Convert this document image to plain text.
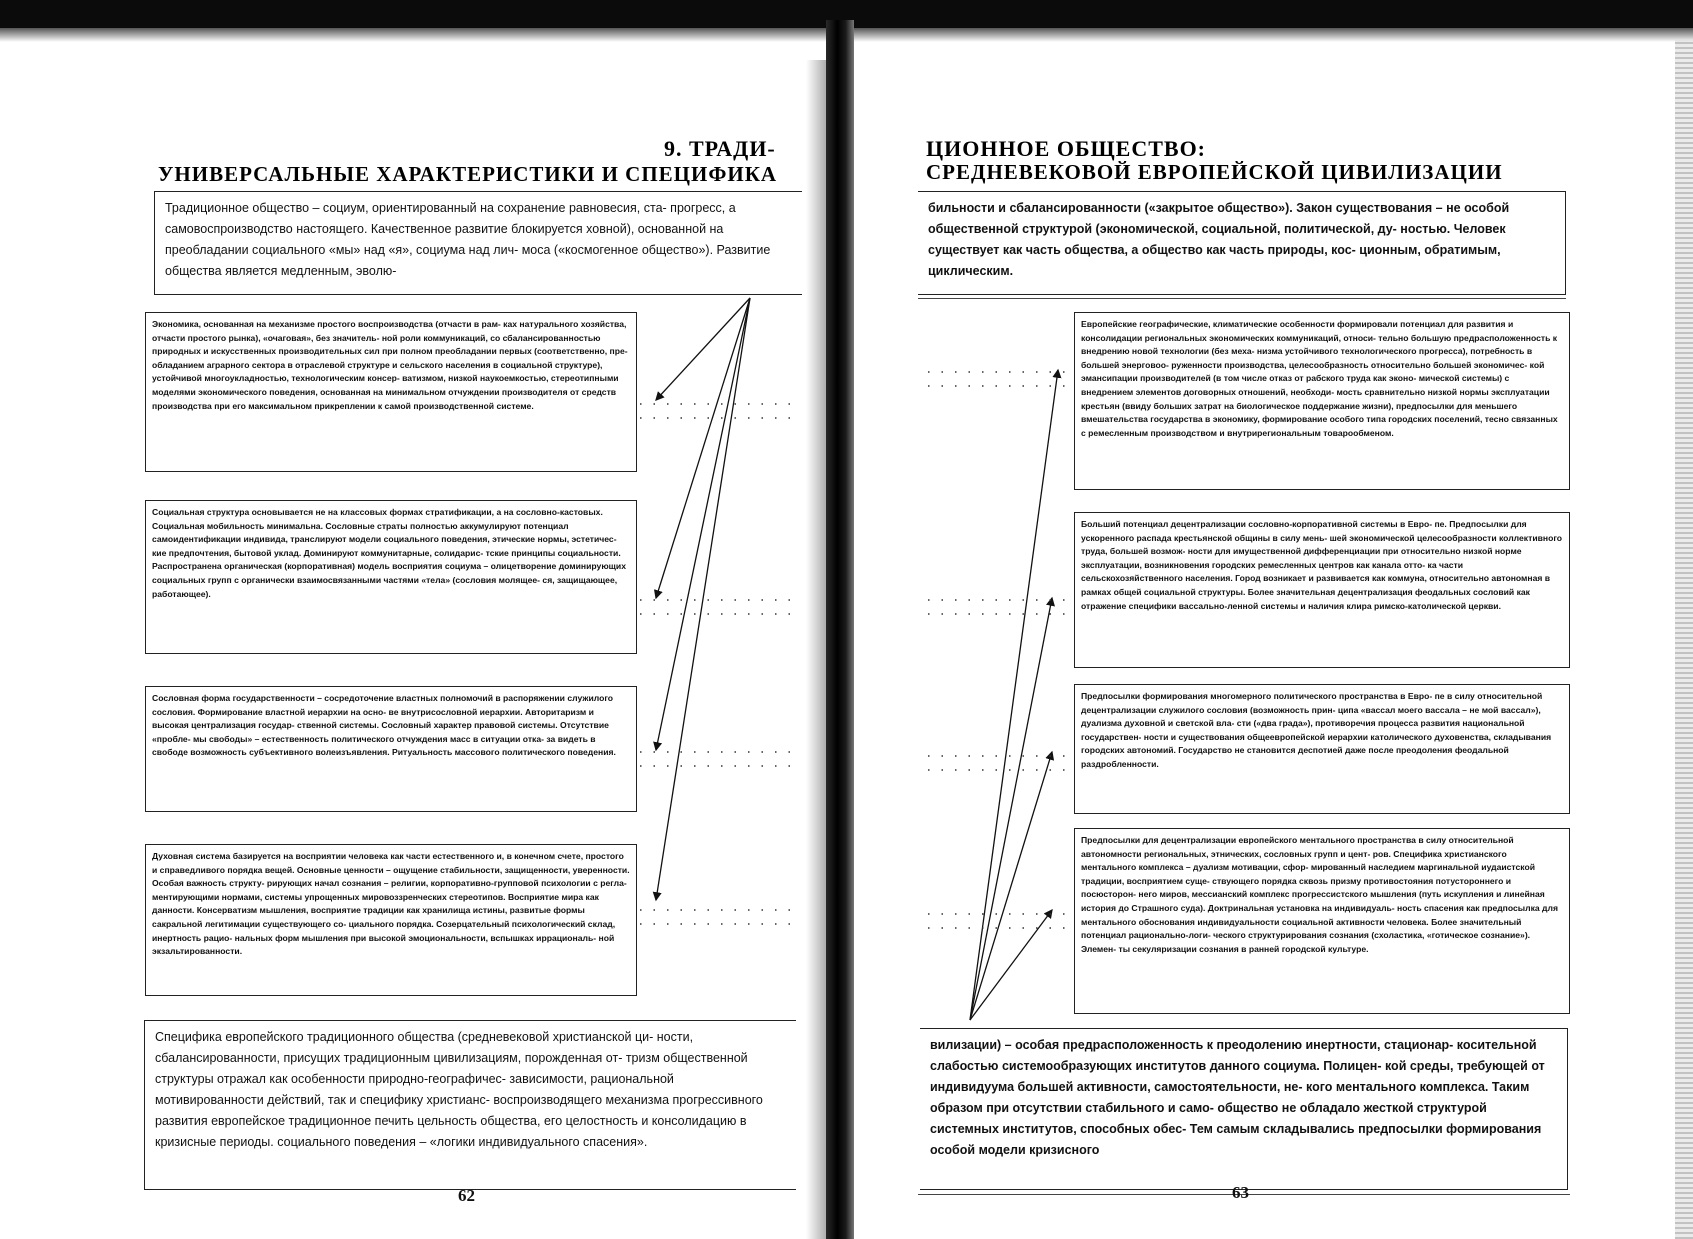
9. ТРАДИ-
УНИВЕРСАЛЬНЫЕ ХАРАКТЕРИСТИКИ И СПЕЦИФИКА

Традиционное общество – социум, ориентированный на сохранение равновесия, ста- прогресс, а самовоспроизводство настоящего. Качественное развитие блокируется ховной), основанной на преобладании социального «мы» над «я», социума над лич- моса («космогенное общество»). Развитие общества является медленным, эволю-

Экономика, основанная на механизме простого воспроизводства (отчасти в рам- ках натурального хозяйства, отчасти простого рынка), «очаговая», без значитель- ной роли коммуникаций, со сбалансированностью природных и искусственных производительных сил при полном преобладании первых (соответственно, пре- обладанием аграрного сектора в отраслевой структуре и сельского населения в социальной структуре), устойчивой многоукладностью, технологическим консер- ватизмом, низкой наукоемкостью, стереотипными моделями экономического поведения, основанная на минимальном отчуждении производителя от средств производства при его максимальном прикреплении к самой производственной системе.

Социальная структура основывается не на классовых формах стратификации, а на сословно-кастовых. Социальная мобильность минимальна. Сословные страты полностью аккумулируют потенциал самоидентификации индивида, транслируют модели социального поведения, этические нормы, эстетичес- кие предпочтения, бытовой уклад. Доминируют коммунитарные, солидарис- тские принципы социальности. Распространена органическая (корпоративная) модель восприятия социума – олицетворение доминирующих социальных групп с органически взаимосвязанными частями «тела» (сословия молящее- ся, защищающее, работающее).

Сословная форма государственности – сосредоточение властных полномочий в распоряжении служилого сословия. Формирование властной иерархии на осно- ве внутрисословной иерархии. Авторитаризм и высокая централизация государ- ственной системы. Сословный характер правовой системы. Отсутствие «пробле- мы свободы» – естественность политического отчуждения масс в ситуации отка- за видеть в свободе возможность субъективного волеизъявления. Ритуальность массового политического поведения.

Духовная система базируется на восприятии человека как части естественного и, в конечном счете, простого и справедливого порядка вещей. Основные ценности – ощущение стабильности, защищенности, уверенности. Особая важность структу- рирующих начал сознания – религии, корпоративно-групповой психологии с регла- ментирующими нормами, системы упрощенных мировоззренческих стереотипов. Восприятие мира как данности. Консерватизм мышления, восприятие традиции как хранилища истины, развитые формы сакральной легитимации существующего со- циального порядка. Созерцательный психологический склад, инертность рацио- нальных форм мышления при высокой эмоциональности, вспышках иррациональ- ной экзальтированности.

Специфика европейского традиционного общества (средневековой христианской ци- ности, сбалансированности, присущих традиционным цивилизациям, порожденная от- тризм общественной структуры отражал как особенности природно-географичес- зависимости, рациональной мотивированности действий, так и специфику христианс- воспроизводящего механизма прогрессивного развития европейское традиционное печить цельность общества, его целостность и консолидацию в кризисные периоды. социального поведения – «логики индивидуального спасения».

62
ЦИОННОЕ ОБЩЕСТВО:
СРЕДНЕВЕКОВОЙ ЕВРОПЕЙСКОЙ ЦИВИЛИЗАЦИИ

бильности и сбалансированности («закрытое общество»). Закон существования – не особой общественной структурой (экономической, социальной, политической, ду- ностью. Человек существует как часть общества, а общество как часть природы, кос- ционным, обратимым, циклическим.

Европейские географические, климатические особенности формировали потенциал для развития и консолидации региональных экономических коммуникаций, относи- тельно большую предрасположенность к внедрению новой технологии (без меха- низма устойчивого технологического прогресса), потребность в большей энерговоо- руженности производства, целесообразность относительно большей экономичес- кой эмансипации производителей (в том числе отказ от рабского труда как эконо- мической системы) с внедрением элементов договорных отношений, необходи- мость сравнительно низкой нормы эксплуатации крестьян (ввиду больших затрат на биологическое поддержание жизни), предпосылки для меньшего вмешательства государства в экономику, формирование особого типа городских поселений, тесно связанных с ремесленным производством и внутрирегиональным товарообменом.

Больший потенциал децентрализации сословно-корпоративной системы в Евро- пе. Предпосылки для ускоренного распада крестьянской общины в силу мень- шей экономической целесообразности коллективного труда, большей возмож- ности для имущественной дифференциации при относительно низкой норме эксплуатации, возникновения городских ремесленных центров как канала отто- ка части сельскохозяйственного населения. Город возникает и развивается как коммуна, относительно автономная в рамках общей социальной структуры. Более значительная децентрализация феодальных сословий как отражение специфики вассально-ленной системы и наличия клира римско-католической церкви.

Предпосылки формирования многомерного политического пространства в Евро- пе в силу относительной децентрализации служилого сословия (возможность прин- ципа «вассал моего вассала – не мой вассал»), дуализма духовной и светской вла- сти («два града»), противоречия процесса развития национальной государствен- ности и существования общеевропейской иерархии католического духовенства, складывания городских автономий. Государство не становится деспотией даже после преодоления феодальной раздробленности.

Предпосылки для децентрализации европейского ментального пространства в силу относительной автономности региональных, этнических, сословных групп и цент- ров. Специфика христианского ментального комплекса – дуализм мотивации, сфор- мированный наследием маргинальной иудаистской традиции, восприятием суще- ствующего порядка сквозь призму противостояния потустороннего и посюсторон- него миров, мессианский комплекс прогрессистского мышления (путь искупления и линейная история до Страшного суда). Доктринальная установка на индивидуаль- ность спасения как предпосылка для ментального обоснования индивидуальности социальной активности человека. Более значительный потенциал рационально-логи- ческого структурирования сознания (схоластика, «готическое сознание»). Элемен- ты секуляризации сознания в ранней городской культуре.

вилизации) – особая предрасположенность к преодолению инертности, стационар- косительной слабостью системообразующих институтов данного социума. Полицен- кой среды, требующей от индивидуума большей активности, самостоятельности, не- кого ментального комплекса. Таким образом при отсутствии стабильного и само- общество не обладало жесткой структурой системных институтов, способных обес- Тем самым складывались предпосылки формирования особой модели кризисного

63
